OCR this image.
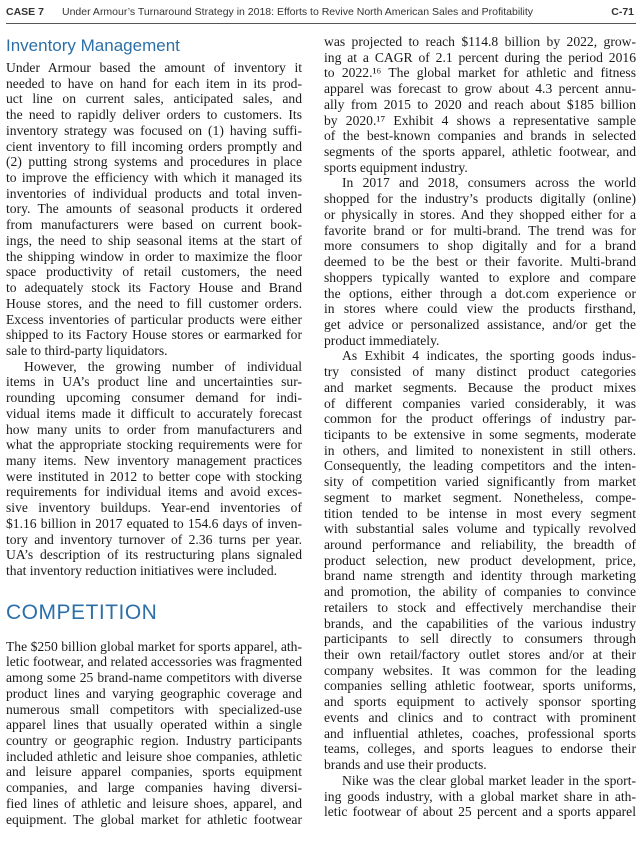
CASE 7 Under Armour’s Turnaround Strategy in 2018: Efforts to Revive North American Sales and Profitability	C-71
Inventory Management
Under Armour based the amount of inventory it
needed to have on hand for each item in its prod-
uct line on current sales, anticipated sales, and
the need to rapidly deliver orders to customers. Its
inventory strategy was focused on (1) having suffi-
cient inventory to fill incoming orders promptly and
(2) putting strong systems and procedures in place
to improve the efficiency with which it managed its
inventories of individual products and total inven-
tory. The amounts of seasonal products it ordered
from manufacturers were based on current book-
ings, the need to ship seasonal items at the start of
the shipping window in order to maximize the floor
space productivity of retail customers, the need
to adequately stock its Factory House and Brand
House stores, and the need to fill customer orders.
Excess inventories of particular products were either
shipped to its Factory House stores or earmarked for
sale to third-party liquidators.
However, the growing number of individual
items in UA’s product line and uncertainties sur-
rounding upcoming consumer demand for indi-
vidual items made it difficult to accurately forecast
how many units to order from manufacturers and
what the appropriate stocking requirements were for
many items. New inventory management practices
were instituted in 2012 to better cope with stocking
requirements for individual items and avoid exces-
sive inventory buildups. Year-end inventories of
$1.16 billion in 2017 equated to 154.6 days of inven-
tory and inventory turnover of 2.36 turns per year.
UA’s description of its restructuring plans signaled
that inventory reduction initiatives were included.
COMPETITION
The $250 billion global market for sports apparel, ath-
letic footwear, and related accessories was fragmented
among some 25 brand-name competitors with diverse
product lines and varying geographic coverage and
numerous small competitors with specialized-use
apparel lines that usually operated within a single
country or geographic region. Industry participants
included athletic and leisure shoe companies, athletic
and leisure apparel companies, sports equipment
companies, and large companies having diversi-
fied lines of athletic and leisure shoes, apparel, and
equipment. The global market for athletic footwear
was projected to reach $114.8 billion by 2022, grow-
ing at a CAGR of 2.1 percent during the period 2016
to 2022.¹⁶ The global market for athletic and fitness
apparel was forecast to grow about 4.3 percent annu-
ally from 2015 to 2020 and reach about $185 billion
by 2020.¹⁷ Exhibit 4 shows a representative sample
of the best-known companies and brands in selected
segments of the sports apparel, athletic footwear, and
sports equipment industry.
In 2017 and 2018, consumers across the world
shopped for the industry’s products digitally (online)
or physically in stores. And they shopped either for a
favorite brand or for multi-brand. The trend was for
more consumers to shop digitally and for a brand
deemed to be the best or their favorite. Multi-brand
shoppers typically wanted to explore and compare
the options, either through a dot.com experience or
in stores where could view the products firsthand,
get advice or personalized assistance, and/or get the
product immediately.
As Exhibit 4 indicates, the sporting goods indus-
try consisted of many distinct product categories
and market segments. Because the product mixes
of different companies varied considerably, it was
common for the product offerings of industry par-
ticipants to be extensive in some segments, moderate
in others, and limited to nonexistent in still others.
Consequently, the leading competitors and the inten-
sity of competition varied significantly from market
segment to market segment. Nonetheless, compe-
tition tended to be intense in most every segment
with substantial sales volume and typically revolved
around performance and reliability, the breadth of
product selection, new product development, price,
brand name strength and identity through marketing
and promotion, the ability of companies to convince
retailers to stock and effectively merchandise their
brands, and the capabilities of the various industry
participants to sell directly to consumers through
their own retail/factory outlet stores and/or at their
company websites. It was common for the leading
companies selling athletic footwear, sports uniforms,
and sports equipment to actively sponsor sporting
events and clinics and to contract with prominent
and influential athletes, coaches, professional sports
teams, colleges, and sports leagues to endorse their
brands and use their products.
Nike was the clear global market leader in the sport-
ing goods industry, with a global market share in ath-
letic footwear of about 25 percent and a sports apparel
